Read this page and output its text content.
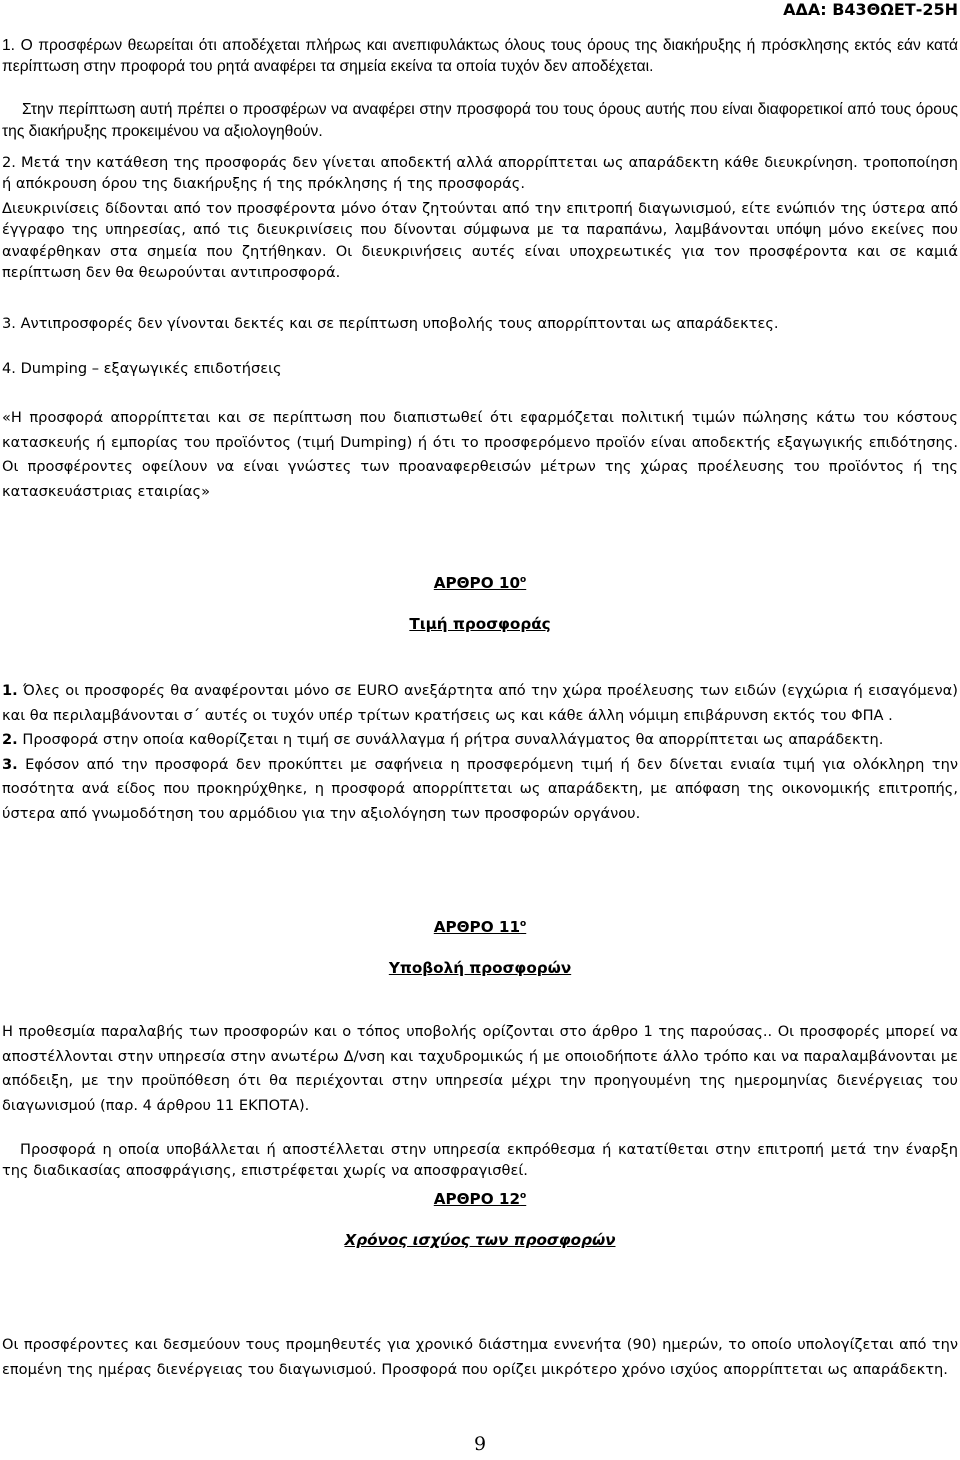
ΑΔΑ: Β43ΘΩΕΤ-25Η

1. Ο προσφέρων θεωρείται ότι αποδέχεται πλήρως και ανεπιφυλάκτως όλους τους όρους της διακήρυξης ή πρόσκλησης εκτός εάν κατά περίπτωση στην προφορά του ρητά αναφέρει τα σημεία εκείνα τα οποία τυχόν δεν αποδέχεται.

Στην περίπτωση αυτή πρέπει ο προσφέρων να αναφέρει στην προσφορά του τους όρους αυτής που είναι διαφορετικοί από τους όρους της διακήρυξης προκειμένου να αξιολογηθούν.

2. Μετά την κατάθεση της προσφοράς δεν γίνεται αποδεκτή αλλά απορρίπτεται ως απαράδεκτη κάθε διευκρίνηση. τροποποίηση ή απόκρουση όρου της διακήρυξης ή της πρόκλησης ή της προσφοράς.

Διευκρινίσεις δίδονται από τον προσφέροντα μόνο όταν ζητούνται από την επιτροπή διαγωνισμού, είτε ενώπιόν της ύστερα από έγγραφο της υπηρεσίας, από τις διευκρινίσεις που δίνονται σύμφωνα με τα παραπάνω, λαμβάνονται υπόψη μόνο εκείνες που αναφέρθηκαν στα σημεία που ζητήθηκαν. Οι διευκρινήσεις αυτές είναι υποχρεωτικές για τον προσφέροντα και σε καμιά περίπτωση δεν θα θεωρούνται αντιπροσφορά.

3. Αντιπροσφορές δεν γίνονται δεκτές και σε περίπτωση υποβολής τους απορρίπτονται ως απαράδεκτες.

4. Dumping – εξαγωγικές επιδοτήσεις

«Η προσφορά απορρίπτεται και σε περίπτωση που διαπιστωθεί ότι εφαρμόζεται πολιτική τιμών πώλησης κάτω του κόστους κατασκευής ή εμπορίας του προϊόντος (τιμή Dumping) ή ότι το προσφερόμενο προϊόν είναι αποδεκτής εξαγωγικής επιδότησης. Οι προσφέροντες οφείλουν να είναι γνώστες των προαναφερθεισών μέτρων της χώρας προέλευσης του προϊόντος ή της κατασκευάστριας εταιρίας»

ΑΡΘΡΟ $10^o$
Τιμή προσφοράς

1. Όλες οι προσφορές θα αναφέρονται μόνο σε EURO ανεξάρτητα από την χώρα προέλευσης των ειδών (εγχώρια ή εισαγόμενα) και θα περιλαμβάνονται σ΄ αυτές οι τυχόν υπέρ τρίτων κρατήσεις ως και κάθε άλλη νόμιμη επιβάρυνση εκτός του ΦΠΑ .

2. Προσφορά στην οποία καθορίζεται η τιμή σε συνάλλαγμα ή ρήτρα συναλλάγματος θα απορρίπτεται ως απαράδεκτη.

3. Εφόσον από την προσφορά δεν προκύπτει με σαφήνεια η προσφερόμενη τιμή ή δεν δίνεται ενιαία τιμή για ολόκληρη την ποσότητα ανά είδος που προκηρύχθηκε, η προσφορά απορρίπτεται ως απαράδεκτη, με απόφαση της οικονομικής επιτροπής, ύστερα από γνωμοδότηση του αρμόδιου για την αξιολόγηση των προσφορών οργάνου.

ΑΡΘΡΟ $11^o$
Υποβολή προσφορών

Η προθεσμία παραλαβής των προσφορών και ο τόπος υποβολής ορίζονται στο άρθρο 1 της παρούσας.. Οι προσφορές μπορεί να αποστέλλονται στην υπηρεσία στην ανωτέρω Δ/νση και ταχυδρομικώς ή με οποιοδήποτε άλλο τρόπο και να παραλαμβάνονται με απόδειξη, με την προϋπόθεση ότι θα περιέχονται στην υπηρεσία μέχρι την προηγουμένη της ημερομηνίας διενέργειας του διαγωνισμού (παρ. 4 άρθρου 11 ΕΚΠΟΤΑ).

Προσφορά η οποία υποβάλλεται ή αποστέλλεται στην υπηρεσία εκπρόθεσμα ή κατατίθεται στην επιτροπή μετά την έναρξη της διαδικασίας αποσφράγισης, επιστρέφεται χωρίς να αποσφραγισθεί.

ΑΡΘΡΟ $12^o$
Χρόνος ισχύος των προσφορών

Οι προσφέροντες και δεσμεύουν τους προμηθευτές για χρονικό διάστημα εννενήτα (90) ημερών, το οποίο υπολογίζεται από την επομένη της ημέρας διενέργειας του διαγωνισμού. Προσφορά που ορίζει μικρότερο χρόνο ισχύος απορρίπτεται ως απαράδεκτη.

9
